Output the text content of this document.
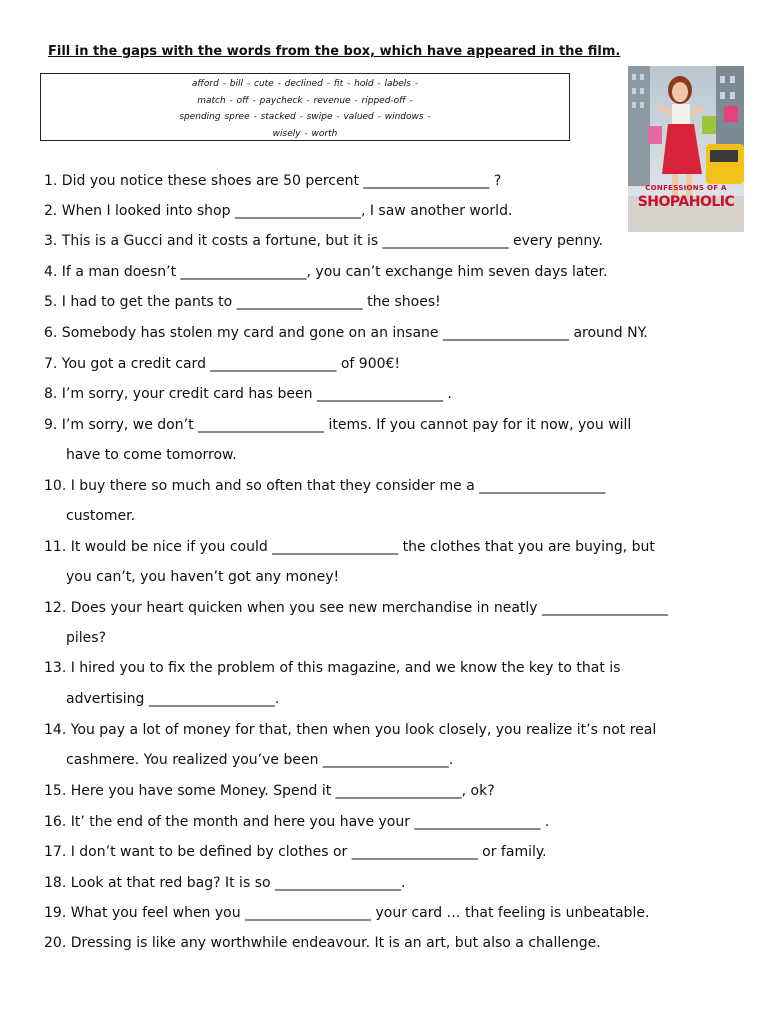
Fill in the gaps with the words from the box, which have appeared in the film.
afford - bill - cute - declined - fit - hold - labels -
match - off - paycheck - revenue - ripped-off -
spending spree - stacked - swipe - valued - windows -
wisely - worth
CONFESSIONS OF A
SHOPAHOLIC
1. Did you notice these shoes are 50 percent __________________ ?
2. When I looked into shop __________________, I saw another world.
3. This is a Gucci and it costs a fortune, but it is __________________ every penny.
4. If a man doesn’t __________________, you can’t exchange him seven days later.
5. I had to get the pants to __________________ the shoes!
6. Somebody has stolen my card and gone on an insane __________________ around NY.
7. You got a credit card __________________ of 900€!
8. I’m sorry, your credit card has been __________________ .
9. I’m sorry, we don’t __________________ items. If you cannot pay for it now, you will
have to come tomorrow.
10. I buy there so much and so often that they consider me a __________________
customer.
11. It would be nice if you could __________________ the clothes that you are buying, but
you can’t, you haven’t got any money!
12. Does your heart quicken when you see new merchandise in neatly __________________
piles?
13. I hired you to fix the problem of this magazine, and we know the key to that is
advertising __________________.
14. You pay a lot of money for that, then when you look closely, you realize it’s not real
cashmere. You realized you’ve been __________________.
15. Here you have some Money. Spend it __________________, ok?
16. It’ the end of the month and here you have your __________________ .
17. I don’t want to be defined by clothes or __________________ or family.
18. Look at that red bag? It is so __________________.
19. What you feel when you __________________ your card … that feeling is unbeatable.
20. Dressing is like any worthwhile endeavour. It is an art, but also a challenge.
